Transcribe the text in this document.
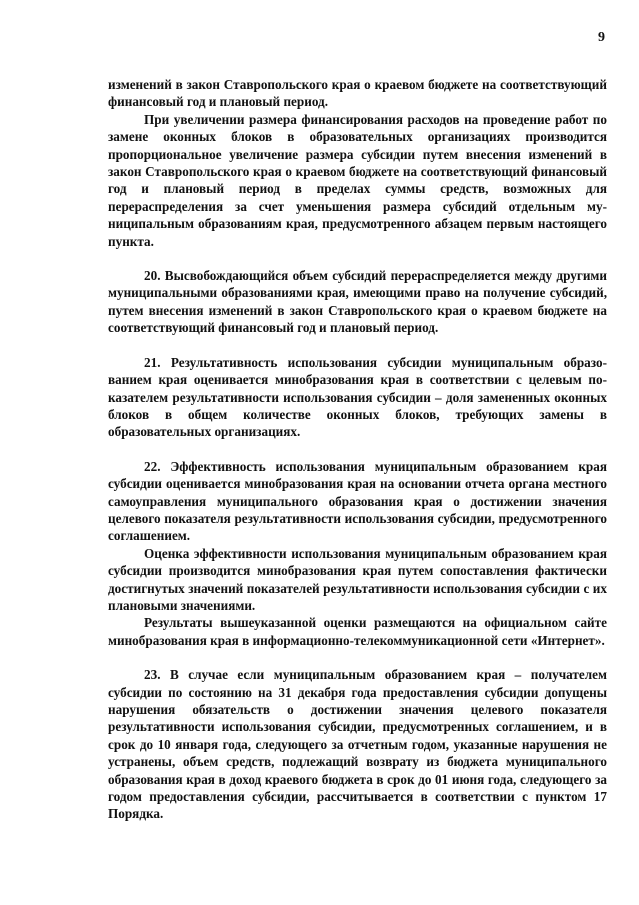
9

изменений в закон Ставропольского края о краевом бюджете на соответствующий финансовый год и плановый период.

При увеличении размера финансирования расходов на проведение работ по замене оконных блоков в образовательных организациях производится пропорциональное увеличение размера субсидии путем внесения изменений в закон Ставропольского края о краевом бюджете на соответствующий финансовый год и плановый период в пределах суммы средств, возможных для перераспределения за счет уменьшения размера субсидий отдельным муниципальным образованиям края, предусмотренного абзацем первым настоящего пункта.

20. Высвобождающийся объем субсидий перераспределяется между другими муниципальными образованиями края, имеющими право на получение субсидий, путем внесения изменений в закон Ставропольского края о краевом бюджете на соответствующий финансовый год и плановый период.

21. Результативность использования субсидии муниципальным образованием края оценивается минобразования края в соответствии с целевым показателем результативности использования субсидии – доля замененных оконных блоков в общем количестве оконных блоков, требующих замены в образовательных организациях.

22. Эффективность использования муниципальным образованием края субсидии оценивается минобразования края на основании отчета органа местного самоуправления муниципального образования края о достижении значения целевого показателя результативности использования субсидии, предусмотренного соглашением.

Оценка эффективности использования муниципальным образованием края субсидии производится минобразования края путем сопоставления фактически достигнутых значений показателей результативности использования субсидии с их плановыми значениями.

Результаты вышеуказанной оценки размещаются на официальном сайте минобразования края в информационно-телекоммуникационной сети «Интернет».

23. В случае если муниципальным образованием края – получателем субсидии по состоянию на 31 декабря года предоставления субсидии допущены нарушения обязательств о достижении значения целевого показателя результативности использования субсидии, предусмотренных соглашением, и в срок до 10 января года, следующего за отчетным годом, указанные нарушения не устранены, объем средств, подлежащий возврату из бюджета муниципального образования края в доход краевого бюджета в срок до 01 июня года, следующего за годом предоставления субсидии, рассчитывается в соответствии с пунктом 17 Порядка.
